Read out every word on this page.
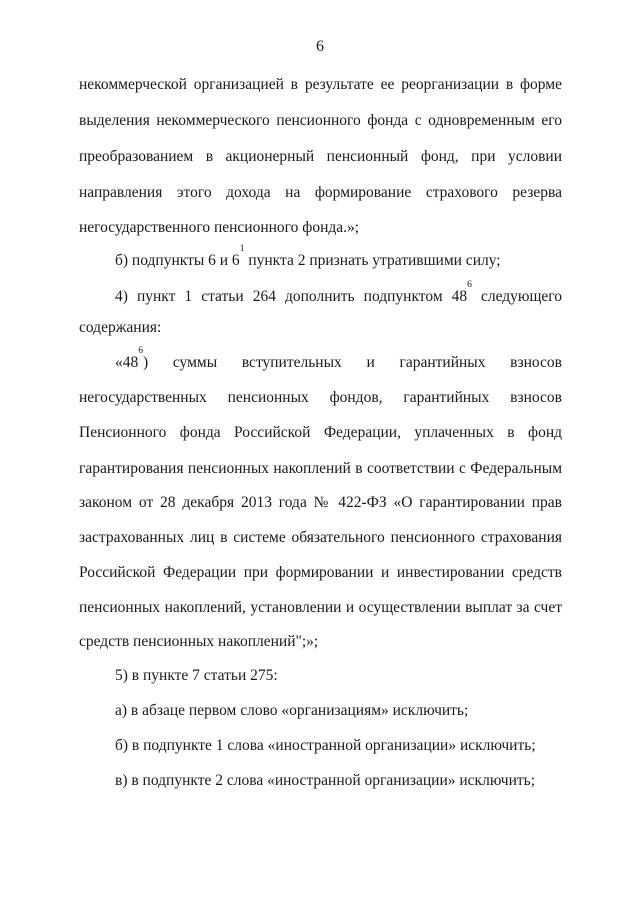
6
некоммерческой организацией в результате ее реорганизации в форме
выделения некоммерческого пенсионного фонда с одновременным его
преобразованием в акционерный пенсионный фонд, при условии
направления этого дохода на формирование страхового резерва
негосударственного пенсионного фонда.»;
б) подпункты 6 и $6^1$ пункта 2 признать утратившими силу;
4) пункт 1 статьи 264 дополнить подпунктом $48^6$ следующего
содержания:
«$48^6$) суммы вступительных и гарантийных взносов
негосударственных пенсионных фондов, гарантийных взносов
Пенсионного фонда Российской Федерации, уплаченных в фонд
гарантирования пенсионных накоплений в соответствии с Федеральным
законом от 28 декабря 2013 года № 422-ФЗ «О гарантировании прав
застрахованных лиц в системе обязательного пенсионного страхования
Российской Федерации при формировании и инвестировании средств
пенсионных накоплений, установлении и осуществлении выплат за счет
средств пенсионных накоплений";»;
5) в пункте 7 статьи 275:
а) в абзаце первом слово «организациям» исключить;
б) в подпункте 1 слова «иностранной организации» исключить;
в) в подпункте 2 слова «иностранной организации» исключить;
